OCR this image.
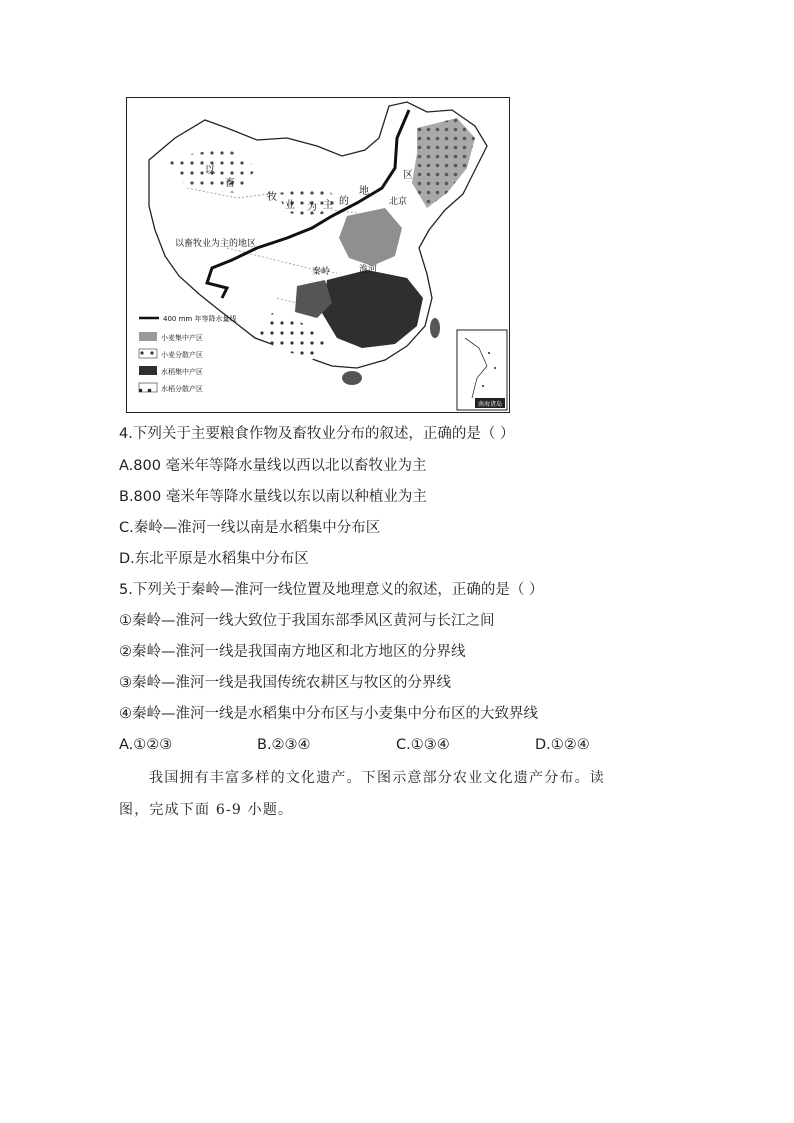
南海诸岛
以
畜
牧
业 为 主 的
地
区
以畜牧业为主的地区
北京
秦岭	淮河
400 mm 年等降水量线
小麦集中产区
小麦分散产区
水稻集中产区
水稻分散产区
4.下列关于主要粮食作物及畜牧业分布的叙述，正确的是（ ）
A.800 毫米年等降水量线以西以北以畜牧业为主
B.800 毫米年等降水量线以东以南以种植业为主
C.秦岭—淮河一线以南是水稻集中分布区
D.东北平原是水稻集中分布区
5.下列关于秦岭—淮河一线位置及地理意义的叙述，正确的是（ ）
①秦岭—淮河一线大致位于我国东部季风区黄河与长江之间
②秦岭—淮河一线是我国南方地区和北方地区的分界线
③秦岭—淮河一线是我国传统农耕区与牧区的分界线
④秦岭—淮河一线是水稻集中分布区与小麦集中分布区的大致界线
A.①②③	B.②③④	C.①③④	D.①②④
我国拥有丰富多样的文化遗产。下图示意部分农业文化遗产分布。读
图，完成下面 6-9 小题。
